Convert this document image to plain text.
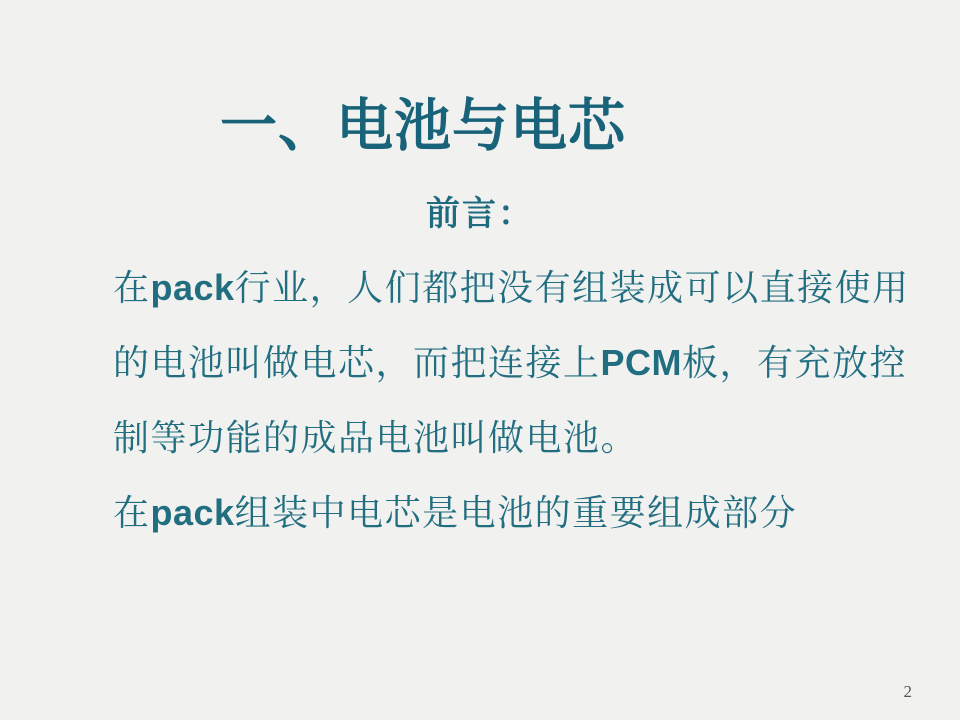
一、电池与电芯
前言：

在pack行业，人们都把没有组装成可以直接使用

的电池叫做电芯，而把连接上PCM板，有充放控

制等功能的成品电池叫做电池。

在pack组装中电芯是电池的重要组成部分

2
